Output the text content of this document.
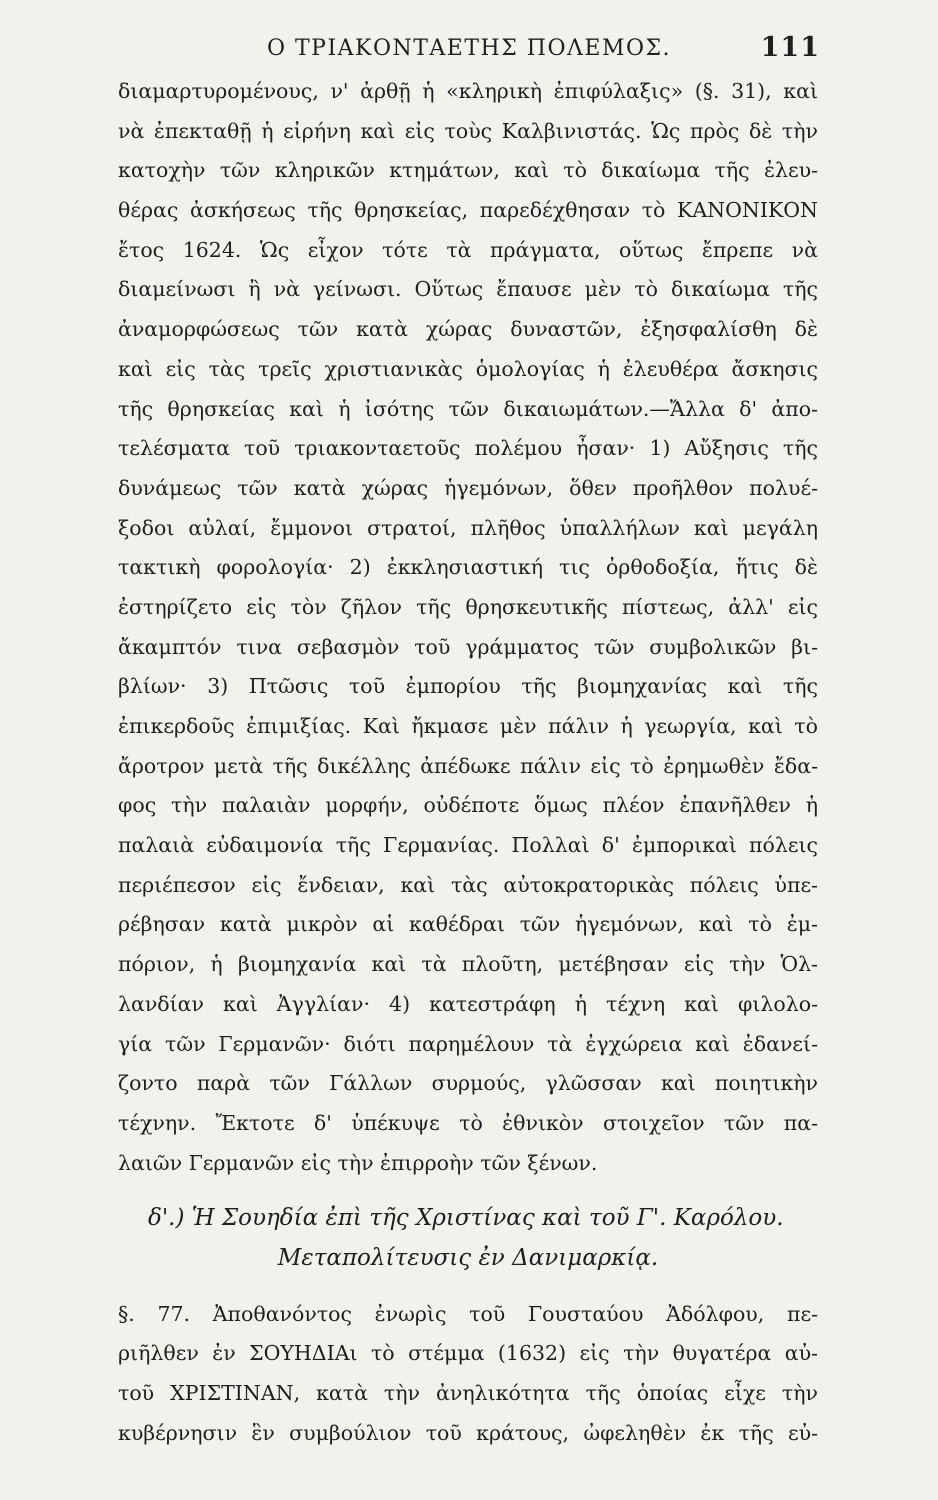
Ο ΤΡΙΑΚΟΝΤΑΕΤΗΣ ΠΟΛΕΜΟΣ.	111
διαμαρτυρομένους, ν' ἀρθῇ ἡ «κληρικὴ ἐπιφύλαξις» (§. 31), καὶ
νὰ ἐπεκταθῇ ἡ εἰρήνη καὶ εἰς τοὺς Καλβινιστάς. Ὡς πρὸς δὲ τὴν
κατοχὴν τῶν κληρικῶν κτημάτων, καὶ τὸ δικαίωμα τῆς ἐλευ-
θέρας ἀσκήσεως τῆς θρησκείας, παρεδέχθησαν τὸ ΚΑΝΟΝΙΚΟΝ
ἔτος 1624. Ὡς εἶχον τότε τὰ πράγματα, οὕτως ἔπρεπε νὰ
διαμείνωσι ἢ νὰ γείνωσι. Οὕτως ἔπαυσε μὲν τὸ δικαίωμα τῆς
ἀναμορφώσεως τῶν κατὰ χώρας δυναστῶν, ἐξησφαλίσθη δὲ
καὶ εἰς τὰς τρεῖς χριστιανικὰς ὁμολογίας ἡ ἐλευθέρα ἄσκησις
τῆς θρησκείας καὶ ἡ ἰσότης τῶν δικαιωμάτων.—Ἄλλα δ' ἀπο-
τελέσματα τοῦ τριακονταετοῦς πολέμου ἦσαν· 1) Αὔξησις τῆς
δυνάμεως τῶν κατὰ χώρας ἡγεμόνων, ὅθεν προῆλθον πολυέ-
ξοδοι αὐλαί, ἔμμονοι στρατοί, πλῆθος ὑπαλλήλων καὶ μεγάλη
τακτικὴ φορολογία· 2) ἐκκλησιαστική τις ὀρθοδοξία, ἥτις δὲ
ἐστηρίζετο εἰς τὸν ζῆλον τῆς θρησκευτικῆς πίστεως, ἀλλ' εἰς
ἄκαμπτόν τινα σεβασμὸν τοῦ γράμματος τῶν συμβολικῶν βι-
βλίων· 3) Πτῶσις τοῦ ἐμπορίου τῆς βιομηχανίας καὶ τῆς
ἐπικερδοῦς ἐπιμιξίας. Καὶ ἤκμασε μὲν πάλιν ἡ γεωργία, καὶ τὸ
ἄροτρον μετὰ τῆς δικέλλης ἀπέδωκε πάλιν εἰς τὸ ἐρημωθὲν ἔδα-
φος τὴν παλαιὰν μορφήν, οὐδέποτε ὅμως πλέον ἐπανῆλθεν ἡ
παλαιὰ εὐδαιμονία τῆς Γερμανίας. Πολλαὶ δ' ἐμπορικαὶ πόλεις
περιέπεσον εἰς ἔνδειαν, καὶ τὰς αὐτοκρατορικὰς πόλεις ὑπε-
ρέβησαν κατὰ μικρὸν αἱ καθέδραι τῶν ἡγεμόνων, καὶ τὸ ἐμ-
πόριον, ἡ βιομηχανία καὶ τὰ πλοῦτη, μετέβησαν εἰς τὴν Ὁλ-
λανδίαν καὶ Ἀγγλίαν· 4) κατεστράφη ἡ τέχνη καὶ φιλολο-
γία τῶν Γερμανῶν· διότι παρημέλουν τὰ ἐγχώρεια καὶ ἐδανεί-
ζοντο παρὰ τῶν Γάλλων συρμούς, γλῶσσαν καὶ ποιητικὴν
τέχνην. Ἔκτοτε δ' ὑπέκυψε τὸ ἐθνικὸν στοιχεῖον τῶν πα-
λαιῶν Γερμανῶν εἰς τὴν ἐπιρροὴν τῶν ξένων.
δ'.) Ἡ Σουηδία ἐπὶ τῆς Χριστίνας καὶ τοῦ Γ'. Καρόλου.
Μεταπολίτευσις ἐν Δανιμαρκίᾳ.
§. 77. Ἀποθανόντος ἐνωρὶς τοῦ Γουσταύου Ἀδόλφου, πε-
ριῆλθεν ἐν ΣΟΥΗΔΙΑι τὸ στέμμα (1632) εἰς τὴν θυγατέρα αὐ-
τοῦ ΧΡΙΣΤΙΝΑΝ, κατὰ τὴν ἀνηλικότητα τῆς ὁποίας εἶχε τὴν
κυβέρνησιν ἓν συμβούλιον τοῦ κράτους, ὠφεληθὲν ἐκ τῆς εὐ-
